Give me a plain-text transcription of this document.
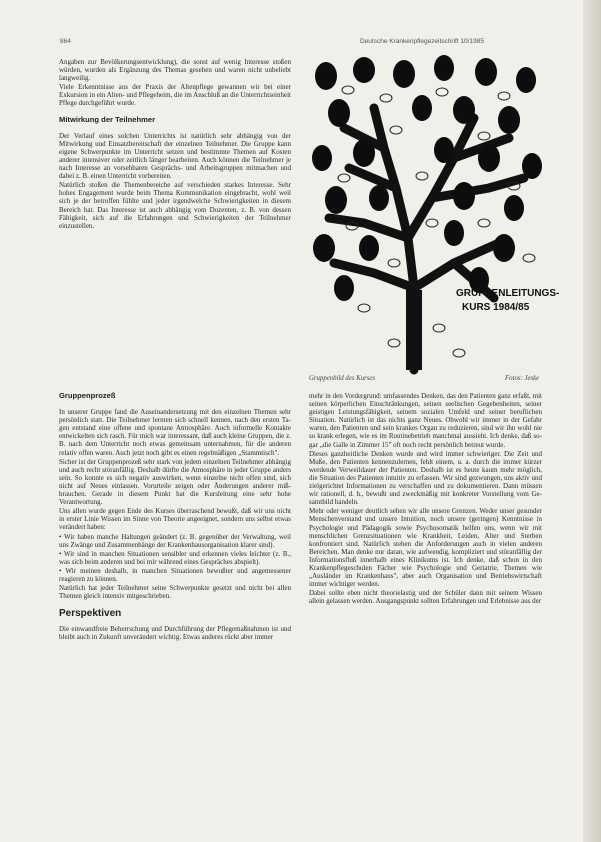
864	Deutsche Krankenpflegezeitschrift 10/1985

Angaben zur Bevölkerungsentwicklung), die sonst auf wenig Interesse stoßen würden, wurden als Ergänzung des Themas gesehen und waren nicht unbeliebt langweilig.

Viele Erkenntnisse aus der Praxis der Altenpflege gewannen wir bei einer Exkursion in ein Alten- und Pflegeheim, die im Anschluß an die Unterrichtseinheit Pflege durchgeführt wurde.

Mitwirkung der Teilnehmer

Der Verlauf eines solchen Unterrichts ist natürlich sehr abhängig von der Mitwirkung und Einsatzbereitschaft der einzelnen Teilnehmer. Die Gruppe kann eigene Schwerpunkte im Unterricht setzen und bestimmte Themen auf Kosten anderer intensiver oder zeitlich länger bearbeiten. Auch können die Teilnehmer je nach Interesse an vorsehbaren Gesprächs- und Arbeitsgruppen mitmachen und dabei z. B. einen Unterricht vorbereiten.

Natürlich stoßen die Themenbereiche auf verschieden starkes Interesse. Sehr hohes Engagement wurde beim Thema Kommunikation eingebracht, wohl weil sich je der betroffen fühlte und jeder irgendwelche Schwierigkeiten in diesem Bereich hat. Das Interesse ist auch abhängig vom Dozenten, z. B. von dessen Fähigkeit, sich auf die Erfahrungen und Schwierigkeiten der Teilnehmer einzustellen.

GRUPPENLEITUNGS-
KURS 1984/85
Gruppenbild des Kurses	Fotos: Jeske
Gruppenprozeß

In unserer Gruppe fand die Auseinandersetzung mit den einzelnen Themen sehr persönlich statt. Die Teilnehmer lernten sich schnell kennen, nach den ersten Tagen entstand eine offene und spontane Atmosphäre. Auch informelle Kontakte entwickelten sich rasch. Für mich war interessant, daß auch kleine Gruppen, die z. B. nach dem Unterricht noch etwas gemeinsam unternahmen, für die anderen relativ offen waren. Auch jetzt noch gibt es einen regelmäßigen „Stammtisch".

Sicher ist der Gruppenprozeß sehr stark von jedem einzelnen Teilnehmer abhängig und auch recht störanfällig. Deshalb dürfte die Atmosphäre in jeder Gruppe anders sein. So konnte es sich negativ auswirken, wenn einzelne nicht offen sind, sich nicht auf Neues einlassen. Vorurteile zeigen oder Änderungen anderer mißbrauchen. Gerade in diesem Punkt hat die Kursleitung eine sehr hohe Verantwortung.

Uns allen wurde gegen Ende des Kurses überraschend bewußt, daß wir uns nicht in erster Linie Wissen im Sinne von Theorie angeeignet, sondern uns selbst etwas verändert haben:

• Wir haben manche Haltungen geändert (z. B. gegenüber der Verwaltung, weil uns Zwänge und Zusammenhänge der Krankenhausorganisation klarer sind).

• Wir sind in manchen Situationen sensibler und erkennen vieles leichter (z. B., was sich beim anderen und bei mir während eines Gespräches abspielt).

• Wir meinen deshalb, in manchen Situationen bewußter und angemessener reagieren zu können.

Natürlich hat jeder Teilnehmer seine Schwerpunkte gesetzt und nicht bei allen Themen gleich intensiv mitgeschrieben.

Perspektiven

Die einwandfreie Beherrschung und Durchführung der Pflegemaßnahmen ist und bleibt auch in Zukunft unverändert wichtig. Etwas anderes rückt aber immer

mehr in den Vordergrund: umfassendes Denken, das den Patienten ganz erfaßt, mit seinen körperlichen Einschränkungen, seinen seelischen Gegebenheiten, seiner geistigen Leistungsfähigkeit, seinem sozialen Umfeld und seiner beruflichen Situation. Natürlich ist das nichts ganz Neues. Obwohl wir immer in der Gefahr waren, den Patienten und sein krankes Organ zu reduzieren, sind wir ihn wohl nie so krank erlegen, wie es im Routinebetrieb manchmal aussieht. Ich denke, daß sogar „die Galle in Zimmer 15" oft noch recht persönlich betreut wurde.

Dieses ganzheitliche Denken wurde und wird immer schwieriger. Die Zeit und Muße, den Patienten kennenzulernen, fehlt einem, u. a. durch die immer kürzer werdende Verweildauer der Patienten. Deshalb ist es heute kaum mehr möglich, die Situation des Patienten intuitiv zu erfassen. Wir sind gezwungen, uns aktiv und zielgerichtet Informationen zu verschaffen und zu dokumentieren. Dann müssen wir rationell, d. h., bewußt und zweckmäßig mit konkreter Vorstellung vom Gesamtbild handeln.

Mehr oder weniger deutlich sehen wir alle unsere Grenzen. Weder unser gesunder Menschenverstand und unsere Intuition, noch unsere (geringen) Kenntnisse in Psychologie und Pädagogik sowie Psychosomatik helfen uns, wenn wir mit menschlichen Grenzsituationen wie Krankheit, Leiden, Alter und Sterben konfrontiert sind. Natürlich stehen die Anforderungen auch in vielen anderen Bereichen. Man denke nur daran, wie aufwendig, kompliziert und störanfällig der Informationsfluß innerhalb eines Klinikums ist. Ich denke, daß schon in den Krankenpflegeschulen Fächer wie Psychologie und Geriatrie, Themen wie „Ausländer im Krankenhaus", aber auch Organisation und Betriebswirtschaft immer wichtiger werden.

Dabei sollte eben nicht theorielastig und der Schüler dann mit seinem Wissen allein gelassen werden. Ausgangspunkt sollten Erfahrungen und Erlebnisse aus der
